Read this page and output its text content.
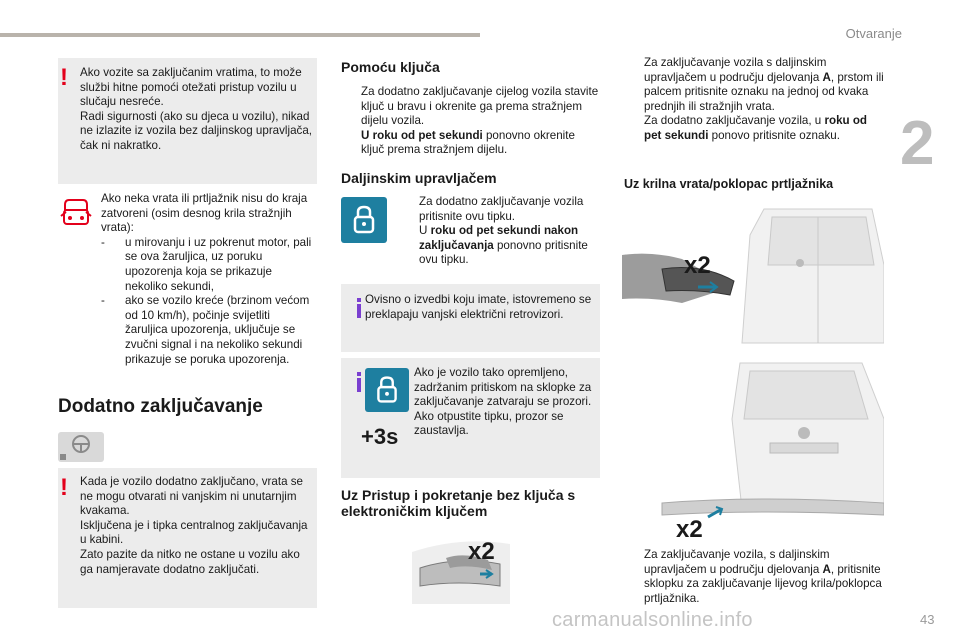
Otvaranje
2
! Ako vozite sa zaključanim vratima, to može službi hitne pomoći otežati pristup vozilu u slučaju nesreće.
Radi sigurnosti (ako su djeca u vozilu), nikad ne izlazite iz vozila bez daljinskog upravljača, čak ni nakratko.
Ako neka vrata ili prtljažnik nisu do kraja zatvoreni (osim desnog krila stražnjih vrata):
- u mirovanju i uz pokrenut motor, pali se ova žaruljica, uz poruku upozorenja koja se prikazuje nekoliko sekundi,
- ako se vozilo kreće (brzinom većom od 10 km/h), počinje svijetliti žaruljica upozorenja, uključuje se zvučni signal i na nekoliko sekundi prikazuje se poruka upozorenja.
Dodatno zaključavanje
! Kada je vozilo dodatno zaključano, vrata se ne mogu otvarati ni vanjskim ni unutarnjim kvakama.
Isključena je i tipka centralnog zaključavanja u kabini.
Zato pazite da nitko ne ostane u vozilu ako ga namjeravate dodatno zaključati.
Pomoću ključa
Za dodatno zaključavanje cijelog vozila stavite ključ u bravu i okrenite ga prema stražnjem dijelu vozila.
U roku od pet sekundi ponovno okrenite ključ prema stražnjem dijelu.
Daljinskim upravljačem
Za dodatno zaključavanje vozila pritisnite ovu tipku.
U roku od pet sekundi nakon zaključavanja ponovno pritisnite ovu tipku.
Ovisno o izvedbi koju imate, istovremeno se preklapaju vanjski električni retrovizori.
+3s
Ako je vozilo tako opremljeno, zadržanim pritiskom na sklopke za zaključavanje zatvaraju se prozori. Ako otpustite tipku, prozor se zaustavlja.
Uz Pristup i pokretanje bez ključa s elektroničkim ključem
x2
Za zaključavanje vozila s daljinskim upravljačem u području djelovanja A, prstom ili palcem pritisnite oznaku na jednoj od kvaka prednjih ili stražnjih vrata.
Za dodatno zaključavanje vozila, u roku od pet sekundi ponovo pritisnite oznaku.
Uz krilna vrata/poklopac prtljažnika
x2
x2
Za zaključavanje vozila, s daljinskim upravljačem u području djelovanja A, pritisnite sklopku za zaključavanje lijevog krila/poklopca prtljažnika.
carmanualsonline.info	43
